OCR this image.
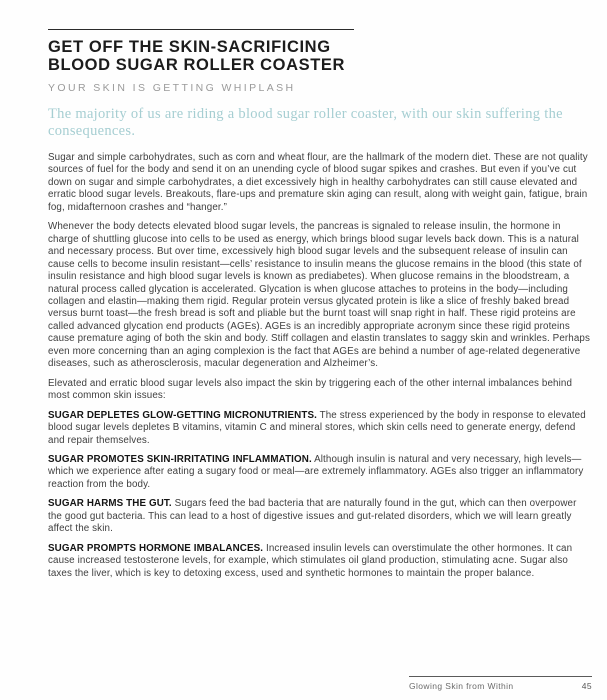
GET OFF THE SKIN-SACRIFICING
BLOOD SUGAR ROLLER COASTER
YOUR SKIN IS GETTING WHIPLASH
The majority of us are riding a blood sugar roller coaster, with our skin suffering the consequences.

Sugar and simple carbohydrates, such as corn and wheat flour, are the hallmark of the modern diet. These are not quality sources of fuel for the body and send it on an unending cycle of blood sugar spikes and crashes. But even if you’ve cut down on sugar and simple carbohydrates, a diet excessively high in healthy carbohydrates can still cause elevated and erratic blood sugar levels. Breakouts, flare-ups and premature skin aging can result, along with weight gain, fatigue, brain fog, midafternoon crashes and “hanger.”

Whenever the body detects elevated blood sugar levels, the pancreas is signaled to release insulin, the hormone in charge of shuttling glucose into cells to be used as energy, which brings blood sugar levels back down. This is a natural and necessary process. But over time, excessively high blood sugar levels and the subsequent release of insulin can cause cells to become insulin resistant—cells’ resistance to insulin means the glucose remains in the blood (this state of insulin resistance and high blood sugar levels is known as prediabetes). When glucose remains in the bloodstream, a natural process called glycation is accelerated. Glycation is when glucose attaches to proteins in the body—including collagen and elastin—making them rigid. Regular protein versus glycated protein is like a slice of freshly baked bread versus burnt toast—the fresh bread is soft and pliable but the burnt toast will snap right in half. These rigid proteins are called advanced glycation end products (AGEs). AGEs is an incredibly appropriate acronym since these rigid proteins cause premature aging of both the skin and body. Stiff collagen and elastin translates to saggy skin and wrinkles. Perhaps even more concerning than an aging complexion is the fact that AGEs are behind a number of age-related degenerative diseases, such as atherosclerosis, macular degeneration and Alzheimer’s.

Elevated and erratic blood sugar levels also impact the skin by triggering each of the other internal imbalances behind most common skin issues:

SUGAR DEPLETES GLOW-GETTING MICRONUTRIENTS. The stress experienced by the body in response to elevated blood sugar levels depletes B vitamins, vitamin C and mineral stores, which skin cells need to generate energy, defend and repair themselves.

SUGAR PROMOTES SKIN-IRRITATING INFLAMMATION. Although insulin is natural and very necessary, high levels—which we experience after eating a sugary food or meal—are extremely inflammatory. AGEs also trigger an inflammatory reaction from the body.

SUGAR HARMS THE GUT. Sugars feed the bad bacteria that are naturally found in the gut, which can then overpower the good gut bacteria. This can lead to a host of digestive issues and gut-related disorders, which we will learn greatly affect the skin.

SUGAR PROMPTS HORMONE IMBALANCES. Increased insulin levels can overstimulate the other hormones. It can cause increased testosterone levels, for example, which stimulates oil gland production, stimulating acne. Sugar also taxes the liver, which is key to detoxing excess, used and synthetic hormones to maintain the proper balance.

Glowing Skin from Within	45
